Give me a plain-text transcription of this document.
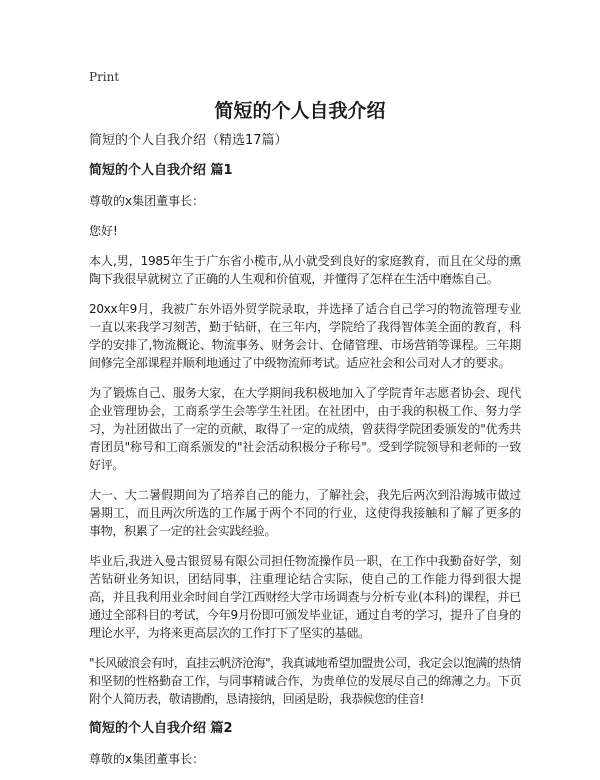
Print
简短的个人自我介绍

简短的个人自我介绍（精选17篇）

简短的个人自我介绍 篇1

尊敬的x集团董事长：

您好!

本人,男，1985年生于广东省小榄市,从小就受到良好的家庭教育，而且在父母的熏陶下我很早就树立了正确的人生观和价值观，并懂得了怎样在生活中磨炼自己。

20xx年9月，我被广东外语外贸学院录取，并选择了适合自己学习的物流管理专业一直以来我学习刻苦，勤于钻研，在三年内，学院给了我得智体美全面的教育，科学的安排了,物流概论、物流事务、财务会计、仓储管理、市场营销等课程。三年期间修完全部课程并顺利地通过了中级物流师考试。适应社会和公司对人才的要求。

为了锻炼自己、服务大家，在大学期间我积极地加入了学院青年志愿者协会、现代企业管理协会，工商系学生会等学生社团。在社团中，由于我的积极工作、努力学习，为社团做出了一定的贡献，取得了一定的成绩，曾获得学院团委颁发的"优秀共青团员"称号和工商系颁发的"社会活动积极分子称号"。受到学院领导和老师的一致好评。

大一、大二暑假期间为了培养自己的能力，了解社会，我先后两次到沿海城市做过暑期工，而且两次所选的工作属于两个不同的行业，这使得我接触和了解了更多的事物，积累了一定的社会实践经验。

毕业后,我进入曼古银贸易有限公司担任物流操作员一职，在工作中我勤奋好学，刻苦钻研业务知识，团结同事，注重理论结合实际，使自己的工作能力得到很大提高，并且我利用业余时间自学江西财经大学市场调查与分析专业(本科)的课程，并已通过全部科目的考试，今年9月份即可颁发毕业证，通过自考的学习，提升了自身的理论水平，为将来更高层次的工作打下了坚实的基础。

"长风破浪会有时，直挂云帆济沧海"，我真诚地希望加盟贵公司，我定会以饱满的热情和坚韧的性格勤奋工作，与同事精诚合作，为贵单位的发展尽自己的绵薄之力。下页附个人简历表，敬请勘酌，恳请接纳，回函是盼，我恭候您的佳音!

简短的个人自我介绍 篇2

尊敬的x集团董事长：
